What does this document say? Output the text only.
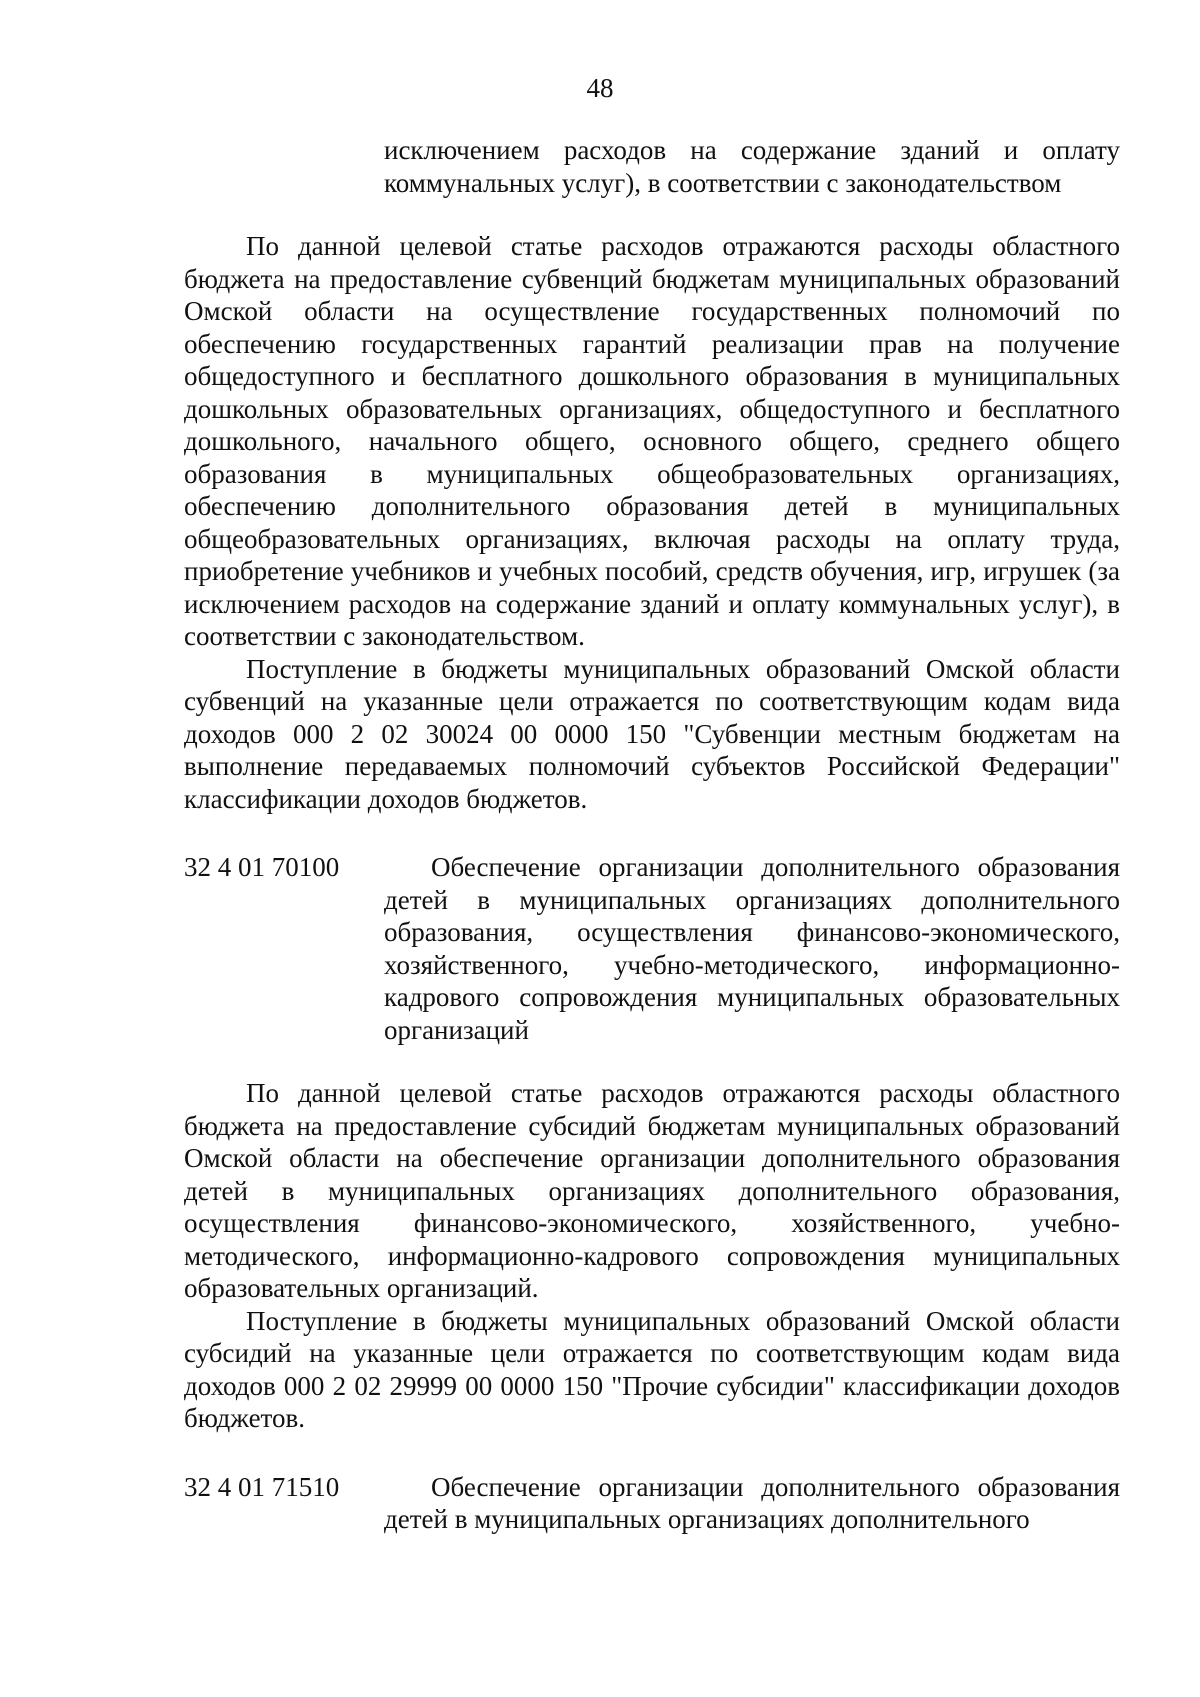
48

исключением расходов на содержание зданий и оплату коммунальных услуг), в соответствии с законодательством

По данной целевой статье расходов отражаются расходы областного бюджета на предоставление субвенций бюджетам муниципальных образований Омской области на осуществление государственных полномочий по обеспечению государственных гарантий реализации прав на получение общедоступного и бесплатного дошкольного образования в муниципальных дошкольных образовательных организациях, общедоступного и бесплатного дошкольного, начального общего, основного общего, среднего общего образования в муниципальных общеобразовательных организациях, обеспечению дополнительного образования детей в муниципальных общеобразовательных организациях, включая расходы на оплату труда, приобретение учебников и учебных пособий, средств обучения, игр, игрушек (за исключением расходов на содержание зданий и оплату коммунальных услуг), в соответствии с законодательством.

Поступление в бюджеты муниципальных образований Омской области субвенций на указанные цели отражается по соответствующим кодам вида доходов 000 2 02 30024 00 0000 150 "Субвенции местным бюджетам на выполнение передаваемых полномочий субъектов Российской Федерации" классификации доходов бюджетов.

32 4 01 70100	Обеспечение организации дополнительного образования детей в муниципальных организациях дополнительного образования, осуществления финансово-экономического, хозяйственного, учебно-методического, информационно-кадрового сопровождения муниципальных образовательных организаций

По данной целевой статье расходов отражаются расходы областного бюджета на предоставление субсидий бюджетам муниципальных образований Омской области на обеспечение организации дополнительного образования детей в муниципальных организациях дополнительного образования, осуществления финансово-экономического, хозяйственного, учебно-методического, информационно-кадрового сопровождения муниципальных образовательных организаций.

Поступление в бюджеты муниципальных образований Омской области субсидий на указанные цели отражается по соответствующим кодам вида доходов 000 2 02 29999 00 0000 150 "Прочие субсидии" классификации доходов бюджетов.

32 4 01 71510	Обеспечение организации дополнительного образования детей в муниципальных организациях дополнительного
